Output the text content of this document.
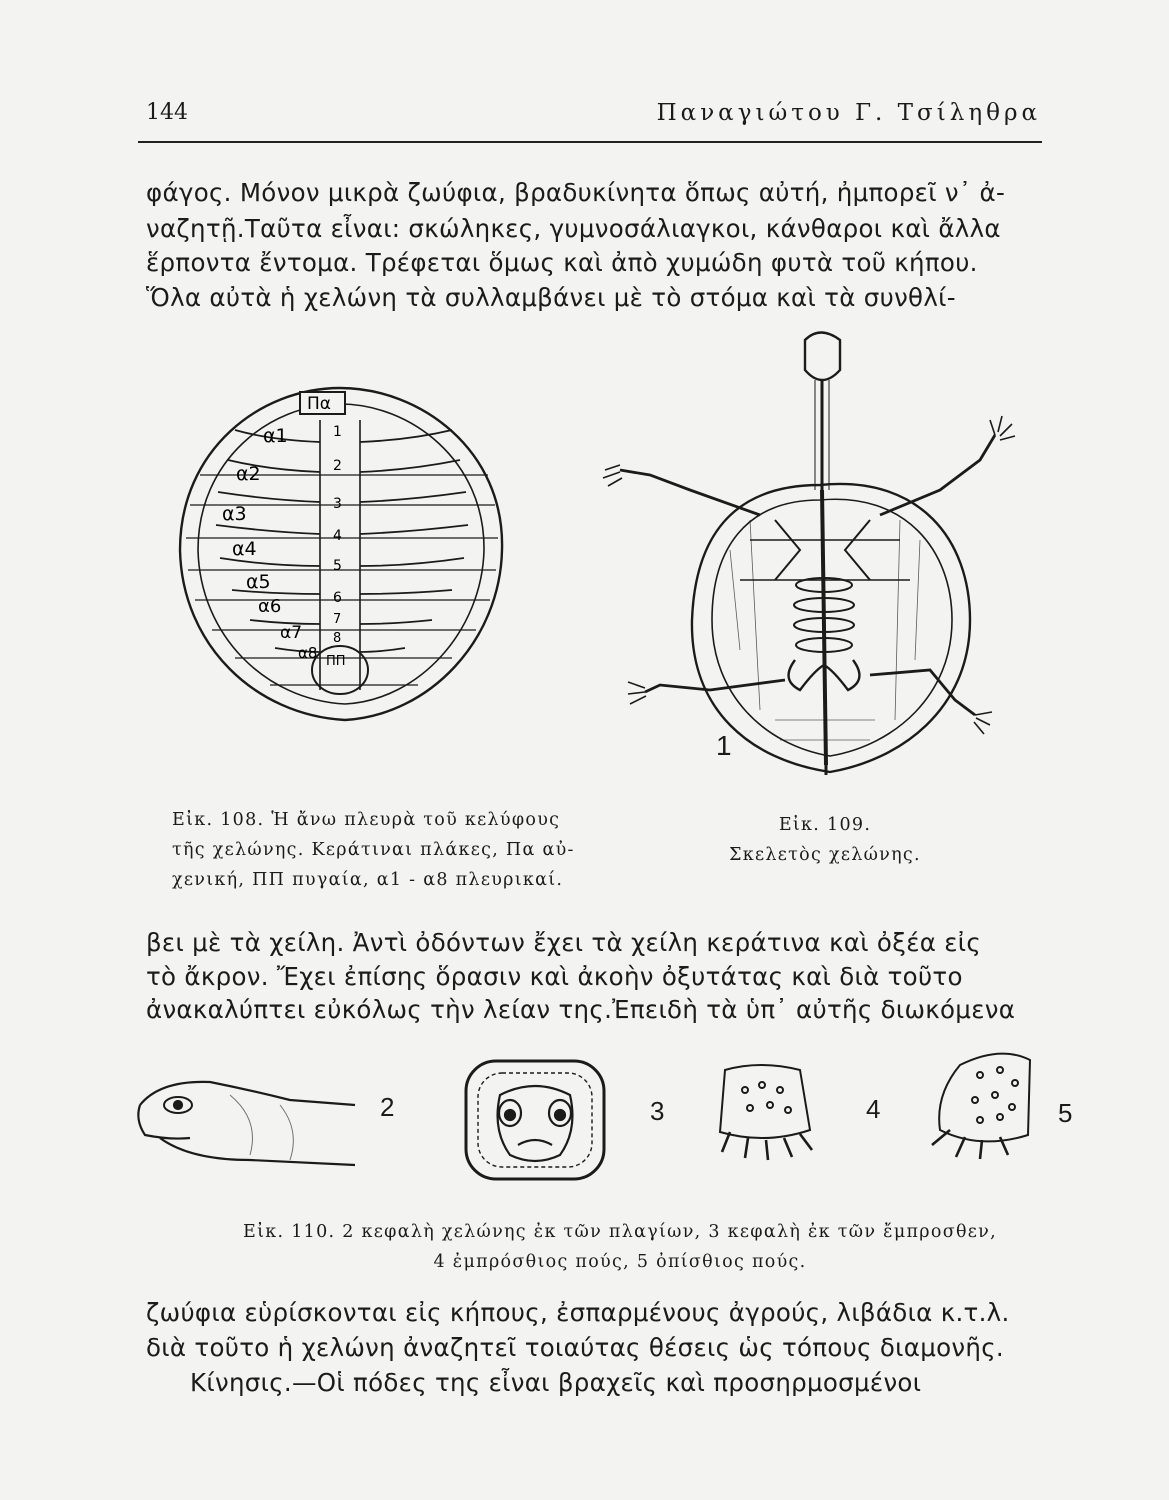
144	Παναγιώτου Γ. Τσίληθρα
φάγος. Μόνον μικρὰ ζωύφια, βραδυκίνητα ὅπως αὐτή, ἠμπορεῖ ν᾿ ἀ-
ναζητῇ.Ταῦτα εἶναι: σκώληκες, γυμνοσάλιαγκοι, κάνθαροι καὶ ἄλλα
ἕρποντα ἔντομα. Τρέφεται ὅμως καὶ ἀπὸ χυμώδη φυτὰ τοῦ κήπου.
Ὅλα αὐτὰ ἡ χελώνη τὰ συλλαμβάνει μὲ τὸ στόμα καὶ τὰ συνθλί-
Πα
ΠΠ
1
2
3
4
5
6
7
8
α1
α2
α3
α4
α5
α6
α7
α8
1
Εἰκ. 108. Ἡ ἄνω πλευρὰ τοῦ κελύφους
τῆς χελώνης. Κεράτιναι πλάκες, Πα αὐ-
χενική, ΠΠ πυγαία, α1 - α8 πλευρικαί.
Εἰκ. 109.
Σκελετὸς χελώνης.
βει μὲ τὰ χείλη. Ἀντὶ ὀδόντων ἔχει τὰ χείλη κεράτινα καὶ ὀξέα εἰς
τὸ ἄκρον. Ἔχει ἐπίσης ὅρασιν καὶ ἀκοὴν ὀξυτάτας καὶ διὰ τοῦτο
ἀνακαλύπτει εὐκόλως τὴν λείαν της.Ἐπειδὴ τὰ ὑπ᾿ αὐτῆς διωκόμενα
2	3	4	5
Εἰκ. 110. 2 κεφαλὴ χελώνης ἐκ τῶν πλαγίων, 3 κεφαλὴ ἐκ τῶν ἔμπροσθεν,
4 ἐμπρόσθιος πούς, 5 ὀπίσθιος πούς.
ζωύφια εὑρίσκονται εἰς κήπους, ἐσπαρμένους ἀγρούς, λιβάδια κ.τ.λ.
διὰ τοῦτο ἡ χελώνη ἀναζητεῖ τοιαύτας θέσεις ὡς τόπους διαμονῆς.
Κίνησις.—Οἱ πόδες της εἶναι βραχεῖς καὶ προσηρμοσμένοι
